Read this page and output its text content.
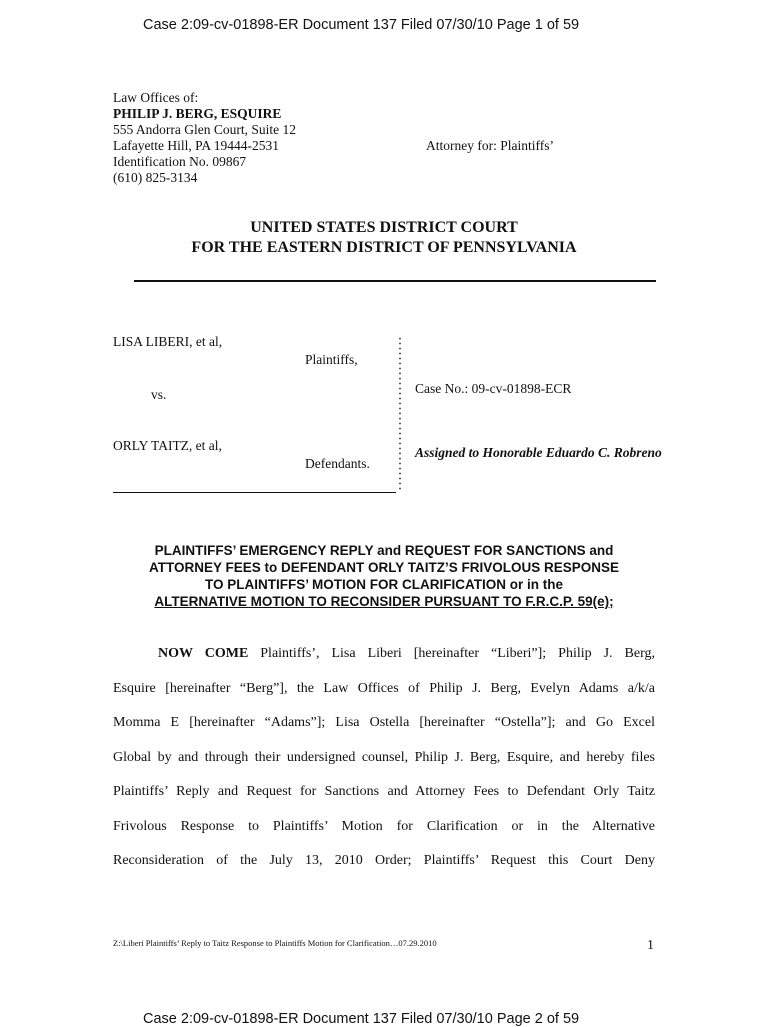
Case 2:09-cv-01898-ER Document 137 Filed 07/30/10 Page 1 of 59
Law Offices of:
PHILIP J. BERG, ESQUIRE
555 Andorra Glen Court, Suite 12
Lafayette Hill, PA 19444-2531
Identification No. 09867
(610) 825-3134
Attorney for: Plaintiffs’
UNITED STATES DISTRICT COURT
FOR THE EASTERN DISTRICT OF PENNSYLVANIA
LISA LIBERI, et al,
Plaintiffs,
vs.
ORLY TAITZ, et al,
Defendants.
Case No.: 09-cv-01898-ECR
Assigned to Honorable Eduardo C. Robreno
PLAINTIFFS’ EMERGENCY REPLY and REQUEST FOR SANCTIONS and
ATTORNEY FEES to DEFENDANT ORLY TAITZ’S FRIVOLOUS RESPONSE
TO PLAINTIFFS’ MOTION FOR CLARIFICATION or in the
ALTERNATIVE MOTION TO RECONSIDER PURSUANT TO F.R.C.P. 59(e);
NOW COME Plaintiffs’, Lisa Liberi [hereinafter “Liberi”]; Philip J. Berg,
Esquire [hereinafter “Berg”], the Law Offices of Philip J. Berg, Evelyn Adams a/k/a
Momma E [hereinafter “Adams”]; Lisa Ostella [hereinafter “Ostella”]; and Go Excel
Global by and through their undersigned counsel, Philip J. Berg, Esquire, and hereby files
Plaintiffs’ Reply and Request for Sanctions and Attorney Fees to Defendant Orly Taitz
Frivolous Response to Plaintiffs’ Motion for Clarification or in the Alternative
Reconsideration of the July 13, 2010 Order; Plaintiffs’ Request this Court Deny
Z:\Liberi Plaintiffs’ Reply to Taitz Response to Plaintiffs Motion for Clarification…07.29.2010	1
Case 2:09-cv-01898-ER Document 137 Filed 07/30/10 Page 2 of 59
